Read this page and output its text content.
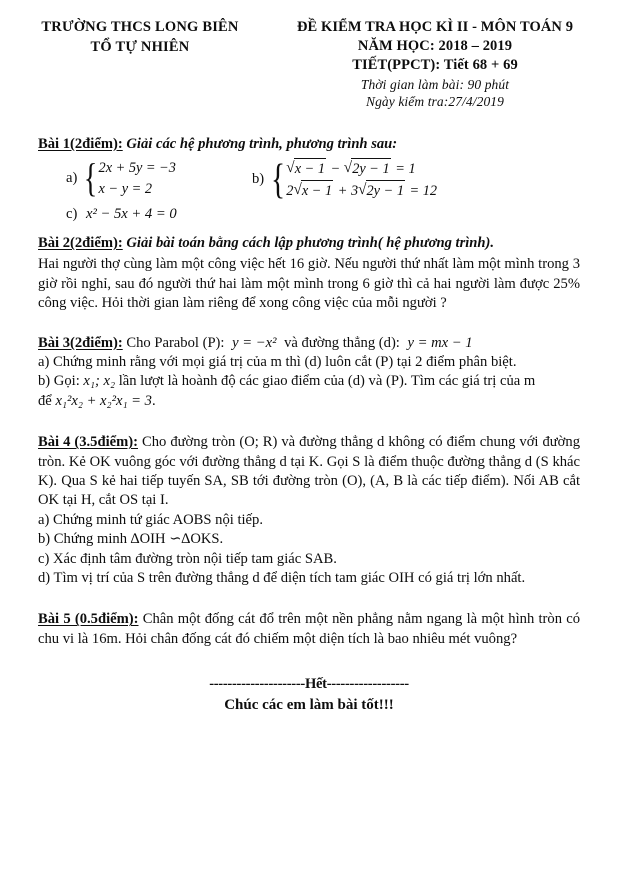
TRƯỜNG THCS LONG BIÊN
TỔ TỰ NHIÊN
ĐỀ KIỂM TRA HỌC KÌ II - MÔN TOÁN 9
NĂM HỌC: 2018 – 2019
TIẾT(PPCT): Tiết 68 + 69
Thời gian làm bài: 90 phút
Ngày kiểm tra:27/4/2019
Bài 1(2điểm): Giải các hệ phương trình, phương trình sau:
a) { 2x + 5y = −3
x − y = 2
b) { √ x − 1 − √ 2y − 1 = 1
2 √ x − 1 + 3 √ 2y − 1 = 12
c) x² − 5x + 4 = 0
Bài 2(2điểm): Giải bài toán bằng cách lập phương trình( hệ phương trình).
Hai người thợ cùng làm một công việc hết 16 giờ. Nếu người thứ nhất làm một mình trong 3 giờ rồi nghỉ, sau đó người thứ hai làm một mình trong 6 giờ thì cả hai người làm được 25% công việc. Hỏi thời gian làm riêng để xong công việc của mỗi người ?
Bài 3(2điểm): Cho Parabol (P): y = −x² và đường thẳng (d): y = mx − 1
a) Chứng minh rằng với mọi giá trị của m thì (d) luôn cắt (P) tại 2 điểm phân biệt.
b) Gọi: x₁; x₂ lần lượt là hoành độ các giao điểm của (d) và (P). Tìm các giá trị của m
để x₁²x₂ + x₂²x₁ = 3.
Bài 4 (3.5điểm): Cho đường tròn (O; R) và đường thẳng d không có điểm chung với đường tròn. Kẻ OK vuông góc với đường thẳng d tại K. Gọi S là điểm thuộc đường thẳng d (S khác K). Qua S kẻ hai tiếp tuyến SA, SB tới đường tròn (O), (A, B là các tiếp điểm). Nối AB cắt OK tại H, cắt OS tại I.
a) Chứng minh tứ giác AOBS nội tiếp.
b) Chứng minh ∆OIH ∽∆OKS.
c) Xác định tâm đường tròn nội tiếp tam giác SAB.
d) Tìm vị trí của S trên đường thẳng d để diện tích tam giác OIH có giá trị lớn nhất.
Bài 5 (0.5điểm): Chân một đống cát đổ trên một nền phẳng nằm ngang là một hình tròn có chu vi là 16m. Hỏi chân đống cát đó chiếm một diện tích là bao nhiêu mét vuông?
---------------------Hết------------------
Chúc các em làm bài tốt!!!
